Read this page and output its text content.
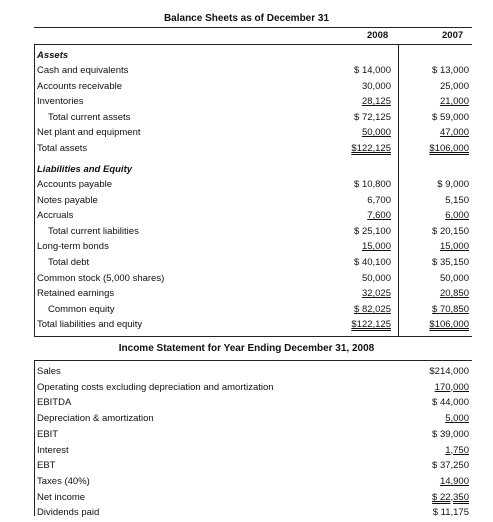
Balance Sheets as of December 31
2008	2007
Assets
Cash and equivalents	$ 14,000	$ 13,000
Accounts receivable	30,000	25,000
Inventories	28,125	21,000
Total current assets	$ 72,125	$ 59,000
Net plant and equipment	50,000	47,000
Total assets	$122,125	$106,000
Liabilities and Equity
Accounts payable	$ 10,800	$ 9,000
Notes payable	6,700	5,150
Accruals	7,600	6,000
Total current liabilities	$ 25,100	$ 20,150
Long-term bonds	15,000	15,000
Total debt	$ 40,100	$ 35,150
Common stock (5,000 shares)	50,000	50,000
Retained earnings	32,025	20,850
Common equity	$ 82,025	$ 70,850
Total liabilities and equity	$122,125	$106,000
Income Statement for Year Ending December 31, 2008
Sales	$214,000
Operating costs excluding depreciation and amortization	170,000
EBITDA	$ 44,000
Depreciation & amortization	5,000
EBIT	$ 39,000
Interest	1,750
EBT	$ 37,250
Taxes (40%)	14,900
Net income	$ 22,350
Dividends paid	$ 11,175
